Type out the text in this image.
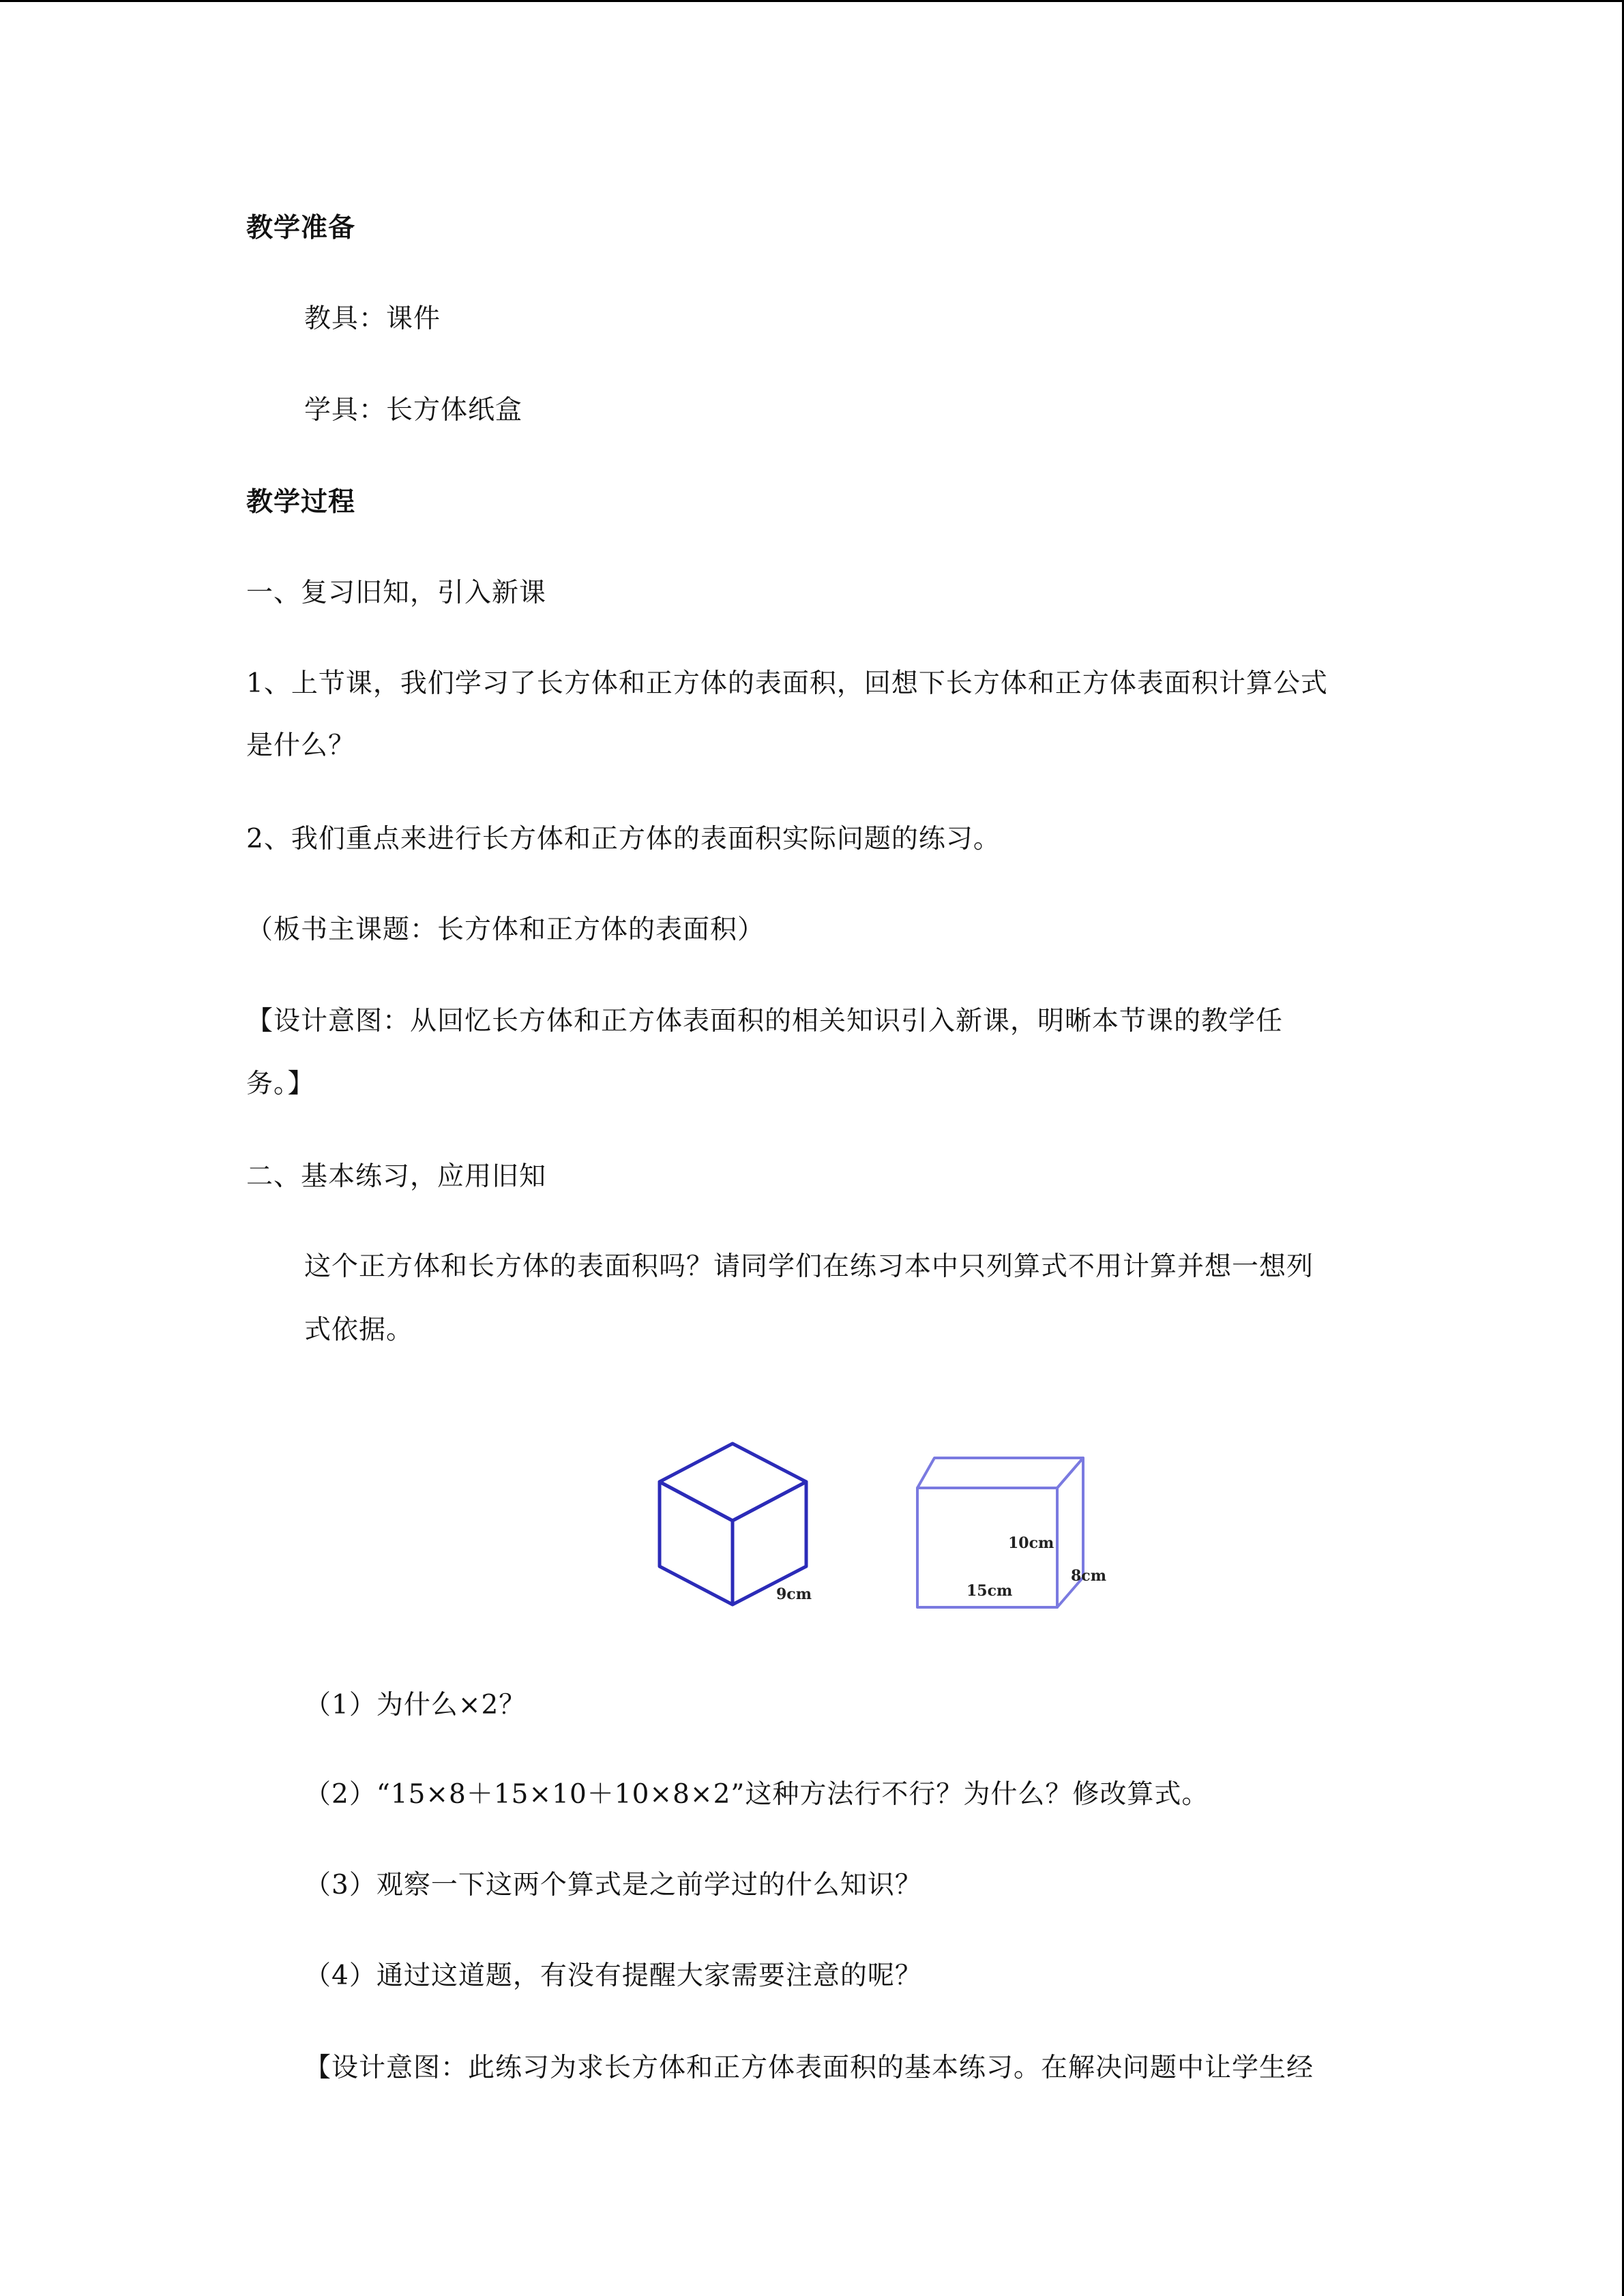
教学准备
教具：课件
学具：长方体纸盒
教学过程
一、复习旧知，引入新课
1、上节课，我们学习了长方体和正方体的表面积，回想下长方体和正方体表面积计算公式
是什么？
2、我们重点来进行长方体和正方体的表面积实际问题的练习。
（板书主课题：长方体和正方体的表面积）
【设计意图：从回忆长方体和正方体表面积的相关知识引入新课，明晰本节课的教学任
务。】
二、基本练习，应用旧知
这个正方体和长方体的表面积吗？请同学们在练习本中只列算式不用计算并想一想列
式依据。
9cm
10cm
15cm
8cm
（1）为什么×2？
（2）“15×8＋15×10＋10×8×2”这种方法行不行？为什么？修改算式。
（3）观察一下这两个算式是之前学过的什么知识？
（4）通过这道题，有没有提醒大家需要注意的呢？
【设计意图：此练习为求长方体和正方体表面积的基本练习。在解决问题中让学生经
